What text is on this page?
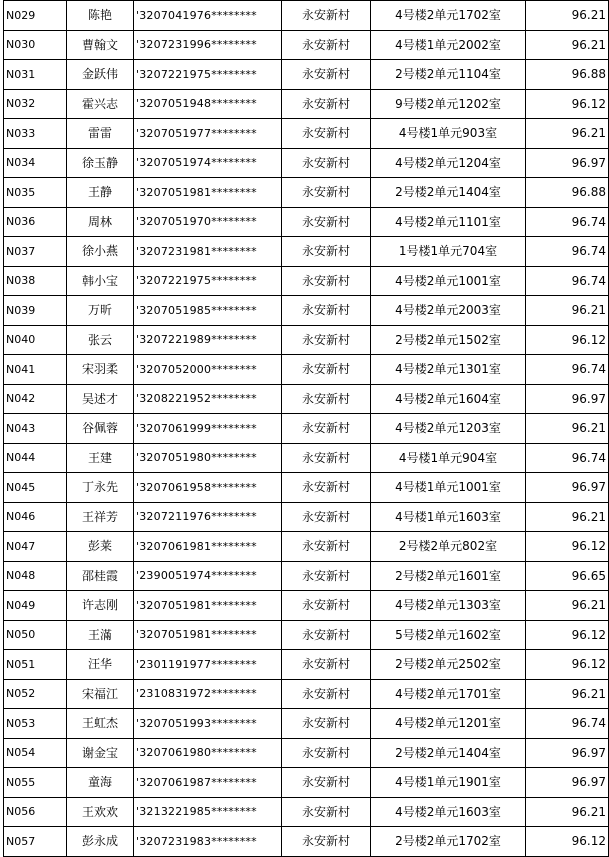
N029	陈艳	'3207041976********	永安新村	4号楼2单元1702室	96.21
N030	曹翰文	'3207231996********	永安新村	4号楼1单元2002室	96.21
N031	金跃伟	'3207221975********	永安新村	2号楼2单元1104室	96.88
N032	霍兴志	'3207051948********	永安新村	9号楼2单元1202室	96.12
N033	雷雷	'3207051977********	永安新村	4号楼1单元903室	96.21
N034	徐玉静	'3207051974********	永安新村	4号楼2单元1204室	96.97
N035	王静	'3207051981********	永安新村	2号楼2单元1404室	96.88
N036	周林	'3207051970********	永安新村	4号楼2单元1101室	96.74
N037	徐小燕	'3207231981********	永安新村	1号楼1单元704室	96.74
N038	韩小宝	'3207221975********	永安新村	4号楼2单元1001室	96.74
N039	万昕	'3207051985********	永安新村	4号楼2单元2003室	96.21
N040	张云	'3207221989********	永安新村	2号楼2单元1502室	96.12
N041	宋羽柔	'3207052000********	永安新村	4号楼2单元1301室	96.74
N042	吴述才	'3208221952********	永安新村	4号楼2单元1604室	96.97
N043	谷佩蓉	'3207061999********	永安新村	4号楼2单元1203室	96.21
N044	王建	'3207051980********	永安新村	4号楼1单元904室	96.74
N045	丁永先	'3207061958********	永安新村	4号楼1单元1001室	96.97
N046	王祥芳	'3207211976********	永安新村	4号楼1单元1603室	96.21
N047	彭莱	'3207061981********	永安新村	2号楼2单元802室	96.12
N048	邵桂霞	'2390051974********	永安新村	2号楼2单元1601室	96.65
N049	许志刚	'3207051981********	永安新村	4号楼2单元1303室	96.21
N050	王滿	'3207051981********	永安新村	5号楼2单元1602室	96.12
N051	汪华	'2301191977********	永安新村	2号楼2单元2502室	96.12
N052	宋福江	'2310831972********	永安新村	4号楼2单元1701室	96.21
N053	王虹杰	'3207051993********	永安新村	4号楼2单元1201室	96.74
N054	谢金宝	'3207061980********	永安新村	2号楼2单元1404室	96.97
N055	童海	'3207061987********	永安新村	4号楼1单元1901室	96.97
N056	王欢欢	'3213221985********	永安新村	4号楼2单元1603室	96.21
N057	彭永成	'3207231983********	永安新村	2号楼2单元1702室	96.12
